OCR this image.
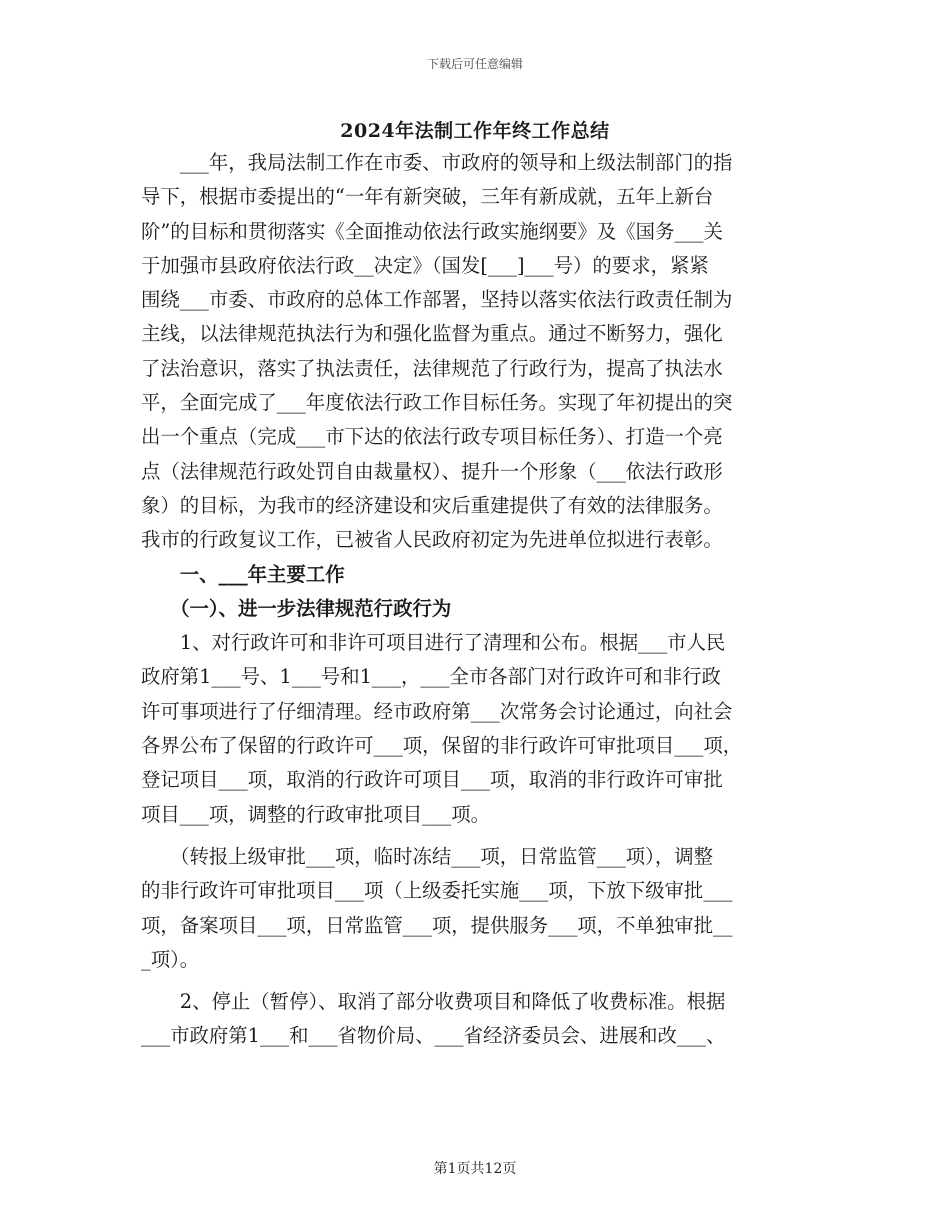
下载后可任意编辑
2024年法制工作年终工作总结
　　___年，我局法制工作在市委、市政府的领导和上级法制部门的指
导下，根据市委提出的“一年有新突破，三年有新成就，五年上新台
阶”的目标和贯彻落实《全面推动依法行政实施纲要》及《国务___关
于加强市县政府依法行政__决定》（国发[___]___号）的要求，紧紧
围绕___市委、市政府的总体工作部署，坚持以落实依法行政责任制为
主线，以法律规范执法行为和强化监督为重点。通过不断努力，强化
了法治意识，落实了执法责任，法律规范了行政行为，提高了执法水
平，全面完成了___年度依法行政工作目标任务。实现了年初提出的突
出一个重点（完成___市下达的依法行政专项目标任务）、打造一个亮
点（法律规范行政处罚自由裁量权）、提升一个形象（___依法行政形
象）的目标，为我市的经济建设和灾后重建提供了有效的法律服务。
我市的行政复议工作，已被省人民政府初定为先进单位拟进行表彰。
　　一、___年主要工作
　　（一）、进一步法律规范行政行为
　　1、对行政许可和非许可项目进行了清理和公布。根据___市人民
政府第1___号、1___号和1___，___全市各部门对行政许可和非行政
许可事项进行了仔细清理。经市政府第___次常务会讨论通过，向社会
各界公布了保留的行政许可___项，保留的非行政许可审批项目___项，
登记项目___项，取消的行政许可项目___项，取消的非行政许可审批
项目___项，调整的行政审批项目___项。
　　（转报上级审批___项，临时冻结___项，日常监管___项），调整
的非行政许可审批项目___项（上级委托实施___项，下放下级审批___
项，备案项目___项，日常监管___项，提供服务___项，不单独审批__
_项）。
　　2、停止（暂停）、取消了部分收费项目和降低了收费标准。根据
___市政府第1___和___省物价局、___省经济委员会、进展和改___、
第1页共12页
